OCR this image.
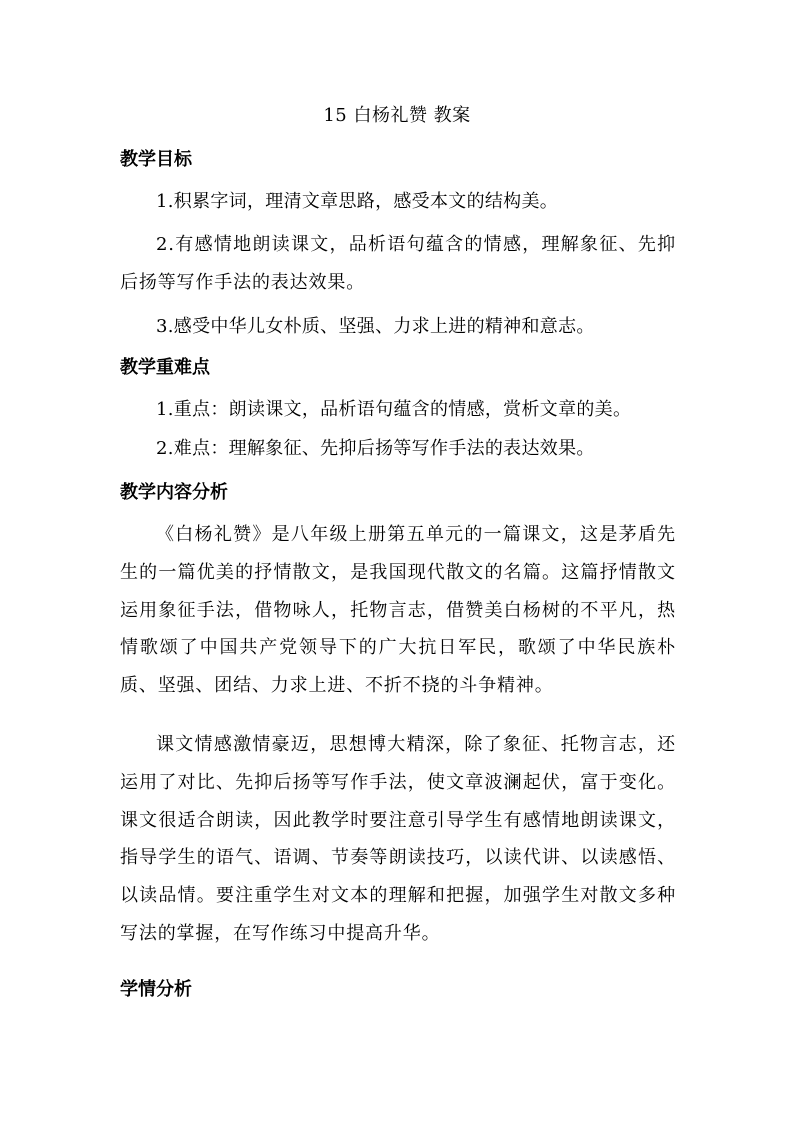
15 白杨礼赞 教案
教学目标
1.积累字词，理清文章思路，感受本文的结构美。
2.有感情地朗读课文，品析语句蕴含的情感，理解象征、先抑后扬等写作手法的表达效果。
3.感受中华儿女朴质、坚强、力求上进的精神和意志。
教学重难点
1.重点：朗读课文，品析语句蕴含的情感，赏析文章的美。
2.难点：理解象征、先抑后扬等写作手法的表达效果。
教学内容分析
《白杨礼赞》是八年级上册第五单元的一篇课文，这是茅盾先生的一篇优美的抒情散文，是我国现代散文的名篇。这篇抒情散文运用象征手法，借物咏人，托物言志，借赞美白杨树的不平凡，热情歌颂了中国共产党领导下的广大抗日军民，歌颂了中华民族朴质、坚强、团结、力求上进、不折不挠的斗争精神。
课文情感激情豪迈，思想博大精深，除了象征、托物言志，还运用了对比、先抑后扬等写作手法，使文章波澜起伏，富于变化。课文很适合朗读，因此教学时要注意引导学生有感情地朗读课文，指导学生的语气、语调、节奏等朗读技巧，以读代讲、以读感悟、以读品情。要注重学生对文本的理解和把握，加强学生对散文多种写法的掌握，在写作练习中提高升华。
学情分析
